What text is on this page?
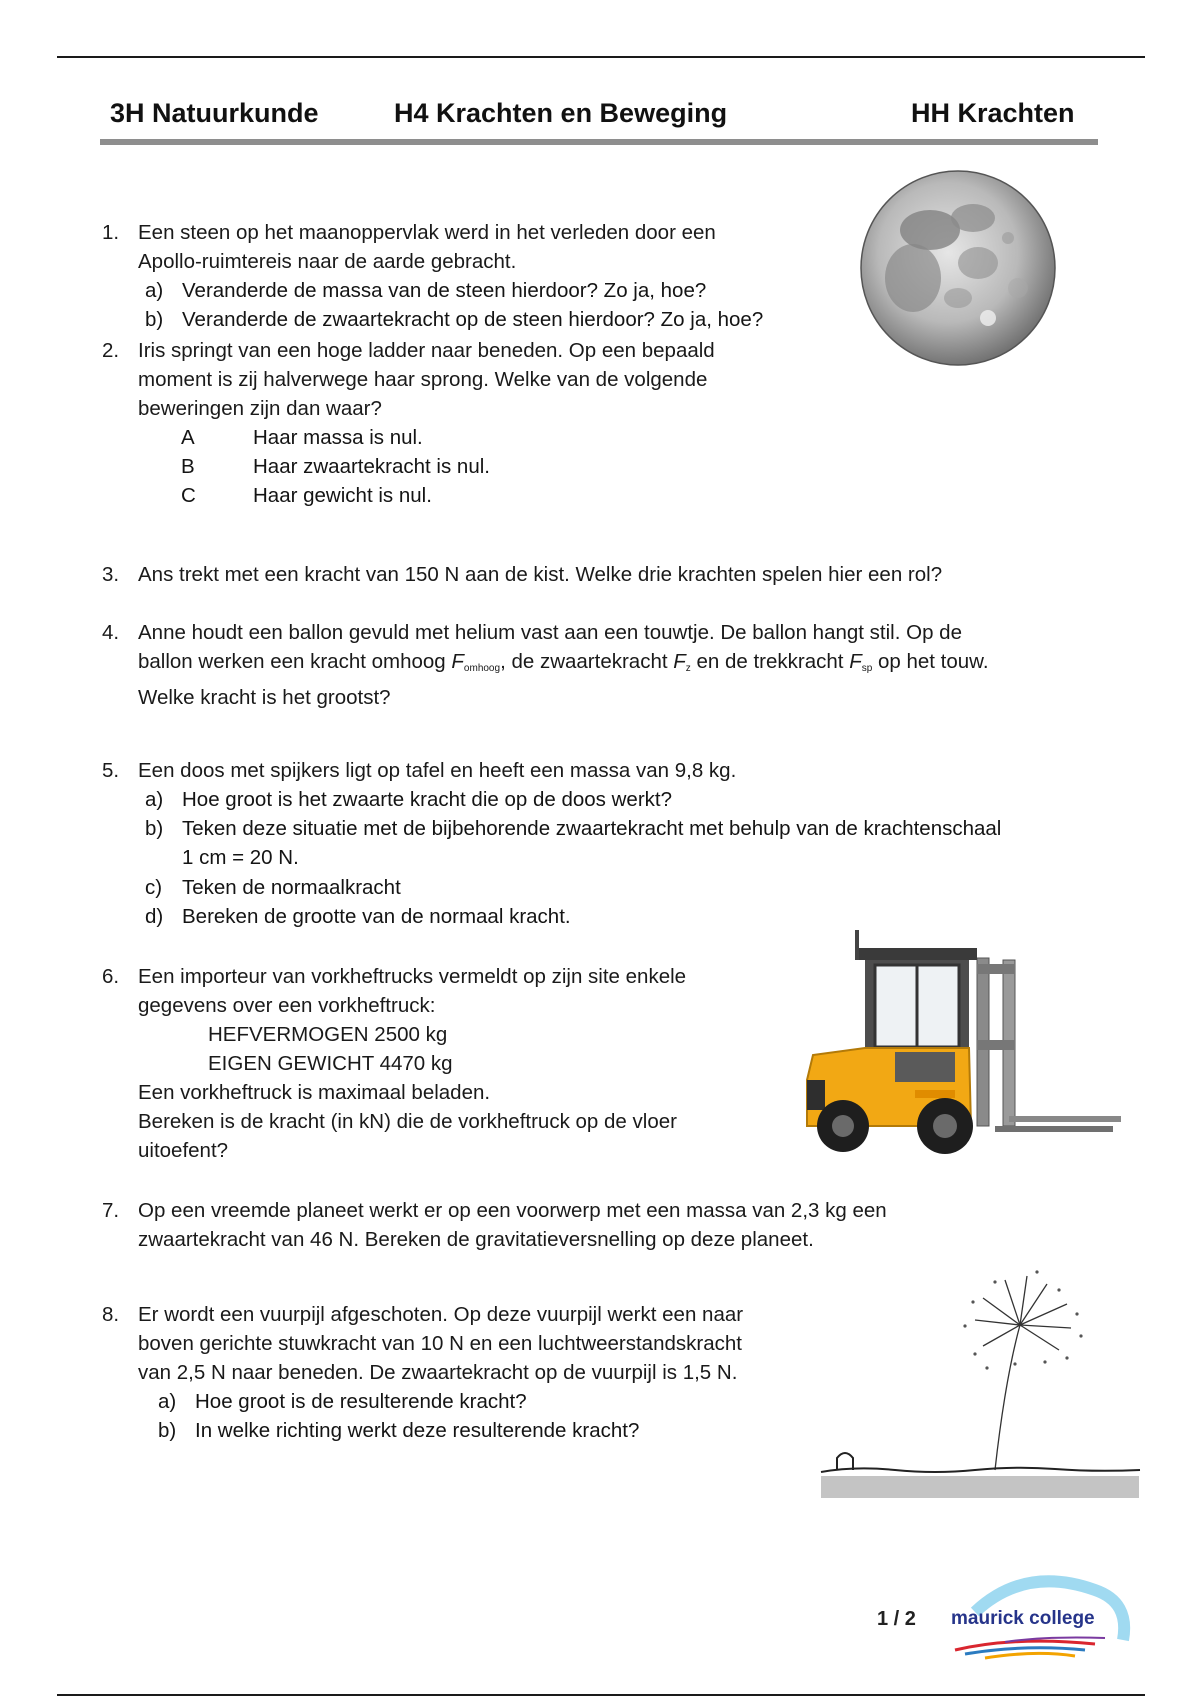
3H Natuurkunde	H4 Krachten en Beweging	HH Krachten
1. Een steen op het maanoppervlak werd in het verleden door een
Apollo-ruimtereis naar de aarde gebracht.
a) Veranderde de massa van de steen hierdoor? Zo ja, hoe?
b) Veranderde de zwaartekracht op de steen hierdoor? Zo ja, hoe?
2. Iris springt van een hoge ladder naar beneden. Op een bepaald
moment is zij halverwege haar sprong. Welke van de volgende
beweringen zijn dan waar?
A	Haar massa is nul.
B	Haar zwaartekracht is nul.
C	Haar gewicht is nul.
3. Ans trekt met een kracht van 150 N aan de kist. Welke drie krachten spelen hier een rol?
4. Anne houdt een ballon gevuld met helium vast aan een touwtje. De ballon hangt stil. Op de
ballon werken een kracht omhoog Fomhoog, de zwaartekracht Fz en de trekkracht Fsp op het touw.
Welke kracht is het grootst?
5. Een doos met spijkers ligt op tafel en heeft een massa van 9,8 kg.
a) Hoe groot is het zwaarte kracht die op de doos werkt?
b) Teken deze situatie met de bijbehorende zwaartekracht met behulp van de krachtenschaal
1 cm = 20 N.
c) Teken de normaalkracht
d) Bereken de grootte van de normaal kracht.
6. Een importeur van vorkheftrucks vermeldt op zijn site enkele
gegevens over een vorkheftruck:
HEFVERMOGEN 2500 kg
EIGEN GEWICHT 4470 kg
Een vorkheftruck is maximaal beladen.
Bereken is de kracht (in kN) die de vorkheftruck op de vloer
uitoefent?
7. Op een vreemde planeet werkt er op een voorwerp met een massa van 2,3 kg een
zwaartekracht van 46 N. Bereken de gravitatieversnelling op deze planeet.
8. Er wordt een vuurpijl afgeschoten. Op deze vuurpijl werkt een naar
boven gerichte stuwkracht van 10 N en een luchtweerstandskracht
van 2,5 N naar beneden. De zwaartekracht op de vuurpijl is 1,5 N.
a) Hoe groot is de resulterende kracht?
b) In welke richting werkt deze resulterende kracht?
1 / 2 maurick college
